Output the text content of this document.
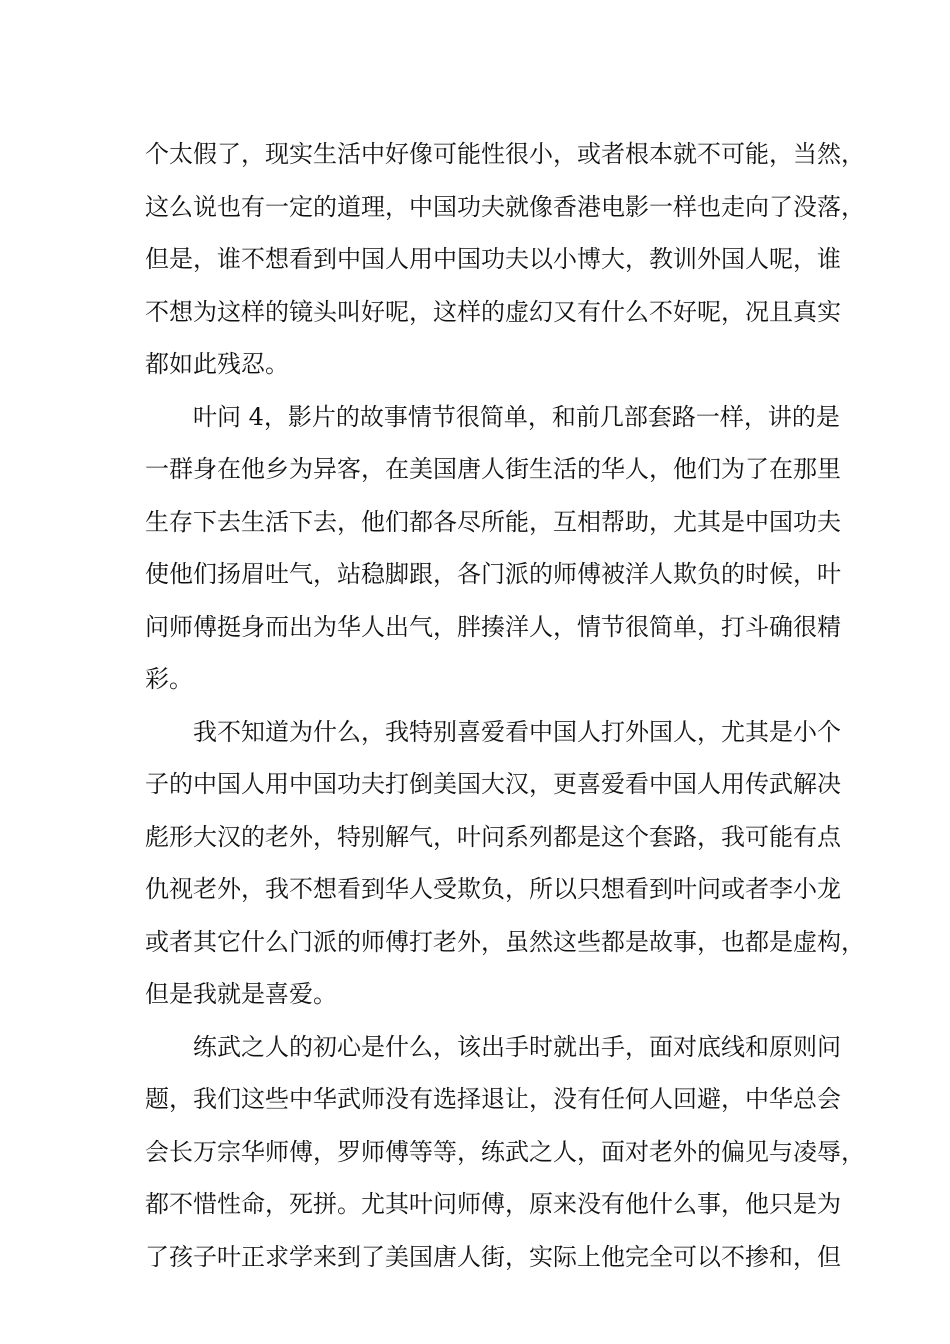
个太假了，现实生活中好像可能性很小，或者根本就不可能，当然，
这么说也有一定的道理，中国功夫就像香港电影一样也走向了没落，
但是，谁不想看到中国人用中国功夫以小博大，教训外国人呢，谁
不想为这样的镜头叫好呢，这样的虚幻又有什么不好呢，况且真实
都如此残忍。
叶问 4，影片的故事情节很简单，和前几部套路一样，讲的是
一群身在他乡为异客，在美国唐人街生活的华人，他们为了在那里
生存下去生活下去，他们都各尽所能，互相帮助，尤其是中国功夫
使他们扬眉吐气，站稳脚跟，各门派的师傅被洋人欺负的时候，叶
问师傅挺身而出为华人出气，胖揍洋人，情节很简单，打斗确很精
彩。
我不知道为什么，我特别喜爱看中国人打外国人，尤其是小个
子的中国人用中国功夫打倒美国大汉，更喜爱看中国人用传武解决
彪形大汉的老外，特别解气，叶问系列都是这个套路，我可能有点
仇视老外，我不想看到华人受欺负，所以只想看到叶问或者李小龙
或者其它什么门派的师傅打老外，虽然这些都是故事，也都是虚构，
但是我就是喜爱。
练武之人的初心是什么，该出手时就出手，面对底线和原则问
题，我们这些中华武师没有选择退让，没有任何人回避，中华总会
会长万宗华师傅，罗师傅等等，练武之人，面对老外的偏见与凌辱，
都不惜性命，死拼。尤其叶问师傅，原来没有他什么事，他只是为
了孩子叶正求学来到了美国唐人街，实际上他完全可以不掺和，但
